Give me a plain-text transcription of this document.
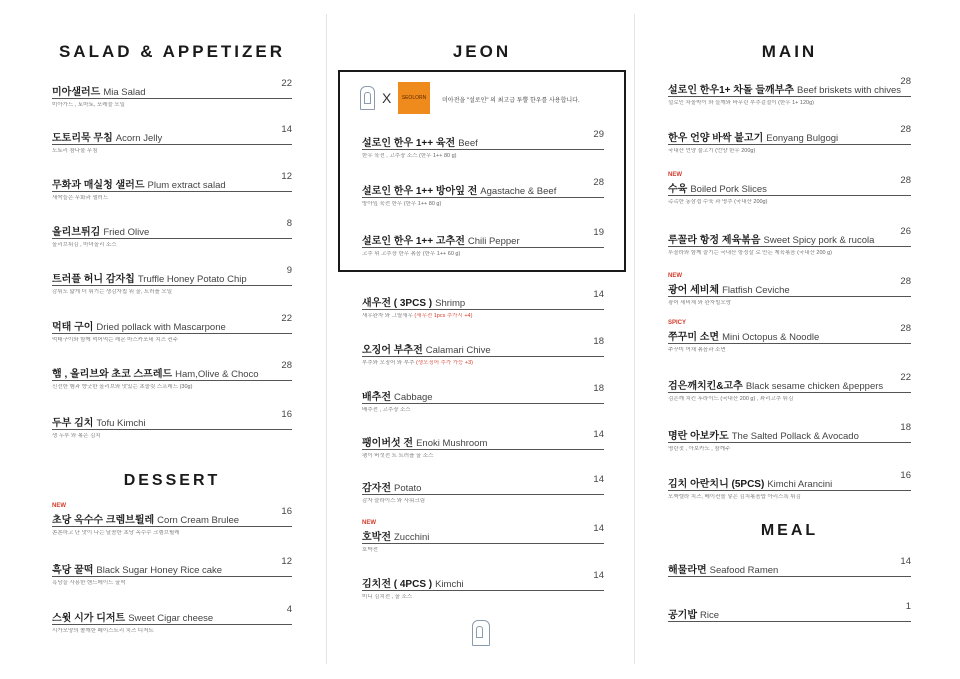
SALAD & APPETIZER
미아샐러드 Mia Salad
22
미아가드 , 토마토, 포레블 오일
도토리묵 무침 Acorn Jelly
14
도토리 참나물 무침
무화과 매실청 샐러드 Plum extract salad
12
새싹들은 무화과 샐러드
올리브튀김 Fried Olive
8
올리브튀김 , 마녀올리 소스
트러플 허니 감자칩 Truffle Honey Potato Chip
9
감튀도 얇게 더 튀기는 생감자칩 위 꿀, 트러플 오일
먹태 구이 Dried pollack with Mascarpone
22
먹태구이와 함께 먹어먹는 레몬 마스카포네 치즈 컨주
햄 , 올리브와 초코 스프레드 Ham,Olive & Choco
28
신선한 햄과 향긋한 올리브와 맛있는 초콜릿 스프레드 (30g)
두부 김치 Tofu Kimchi
16
생 두부 와 볶은 김치
DESSERT
NEW
초당 옥수수 크렘브륄레 Corn Cream Brulee
16
쫀쫀하고 단 맛이 나는 달콤한 초당 옥수수 크렘브륄레
흑당 꿀떡 Black Sugar Honey Rice cake
12
흑당을 사용한 핸드메이드 꿀떡
스윗 시가 디저트 Sweet Cigar cheese
4
시가모양의 쫄깨한 페이스트리 치즈 디저트
JEON
X	SEOLORN	미아전을 "설로인" 의 최고급 투뿔 한우를 사용합니다.
설로인 한우 1++ 육전 Beef
29
한우 육전 , 고추장 소스 (한우 1++ 80 g)
설로인 한우 1++ 방아잎 전 Agastache & Beef
28
방아잎 육전 한우 (한우 1++ 80 g)
설로인 한우 1++ 고추전 Chili Pepper
19
고추 위 고추장 한우 볶음 (한우 1++ 60 g)
새우전 ( 3PCS ) Shrimp
14
새우완자 와 그릴새우 (새우전 1pcs 추가시 +4)
오징어 부추전 Calamari Chive
18
부추와 오징어 와 부추 (생오징어 추가 가능 +3)
배추전 Cabbage
18
배추전 , 고추장 소스
팽이버섯 전 Enoki Mushroom
14
팽이 버섯전 트 트러플 꿀 소스
감자전 Potato
14
감자 슬라이스 와 사워크림
NEW
호박전 Zucchini
14
호박전
김치전 ( 4PCS ) Kimchi
14
미니 김치전 , 꿀 소스
MAIN
설로인 한우1+ 차돌 들깨부추 Beef briskets with chives
28
설로인 차돌박이 와 들깨와 바무린 부추겉절이 (한우 1+ 120g)
한우 언양 바싹 불고기 Eonyang Bulgogi
28
국내산 언양 불고기 (언양 한우 200g)
NEW
수육 Boiled Pork Slices
28
촉촉한 동삼겹 수육 과 명추 (국내산 200g)
루꼴라 항정 제육볶음 Sweet Spicy pork & rucola
26
루꼴라와 함께 즐기는 국내산 항정살 로 만든 제육볶음 (국내산 200 g)
NEW
광어 세비체 Flatfish Ceviche
28
광어 세비체 와 완자빌오랑
SPICY
쭈꾸미 소면 Mini Octopus & Noodle
28
쭈꾸미 여채 볶음과 소면
검은깨치킨&고추 Black sesame chicken &peppers
22
검은깨 치킨 후라이드 (국내산 200 g) , 꽈리고추 튀김
명란 아보카도 The Salted Pollack & Avocado
18
명란젓 , 아보카도 , 참깨주
김치 아란치니 (5PCS) Kimchi Arancini
16
모짜렐라 치즈, 베이컨볼 넣은 김치볶음밥 아리스톡 튀김
MEAL
해물라면 Seafood Ramen
14
공기밥 Rice
1
